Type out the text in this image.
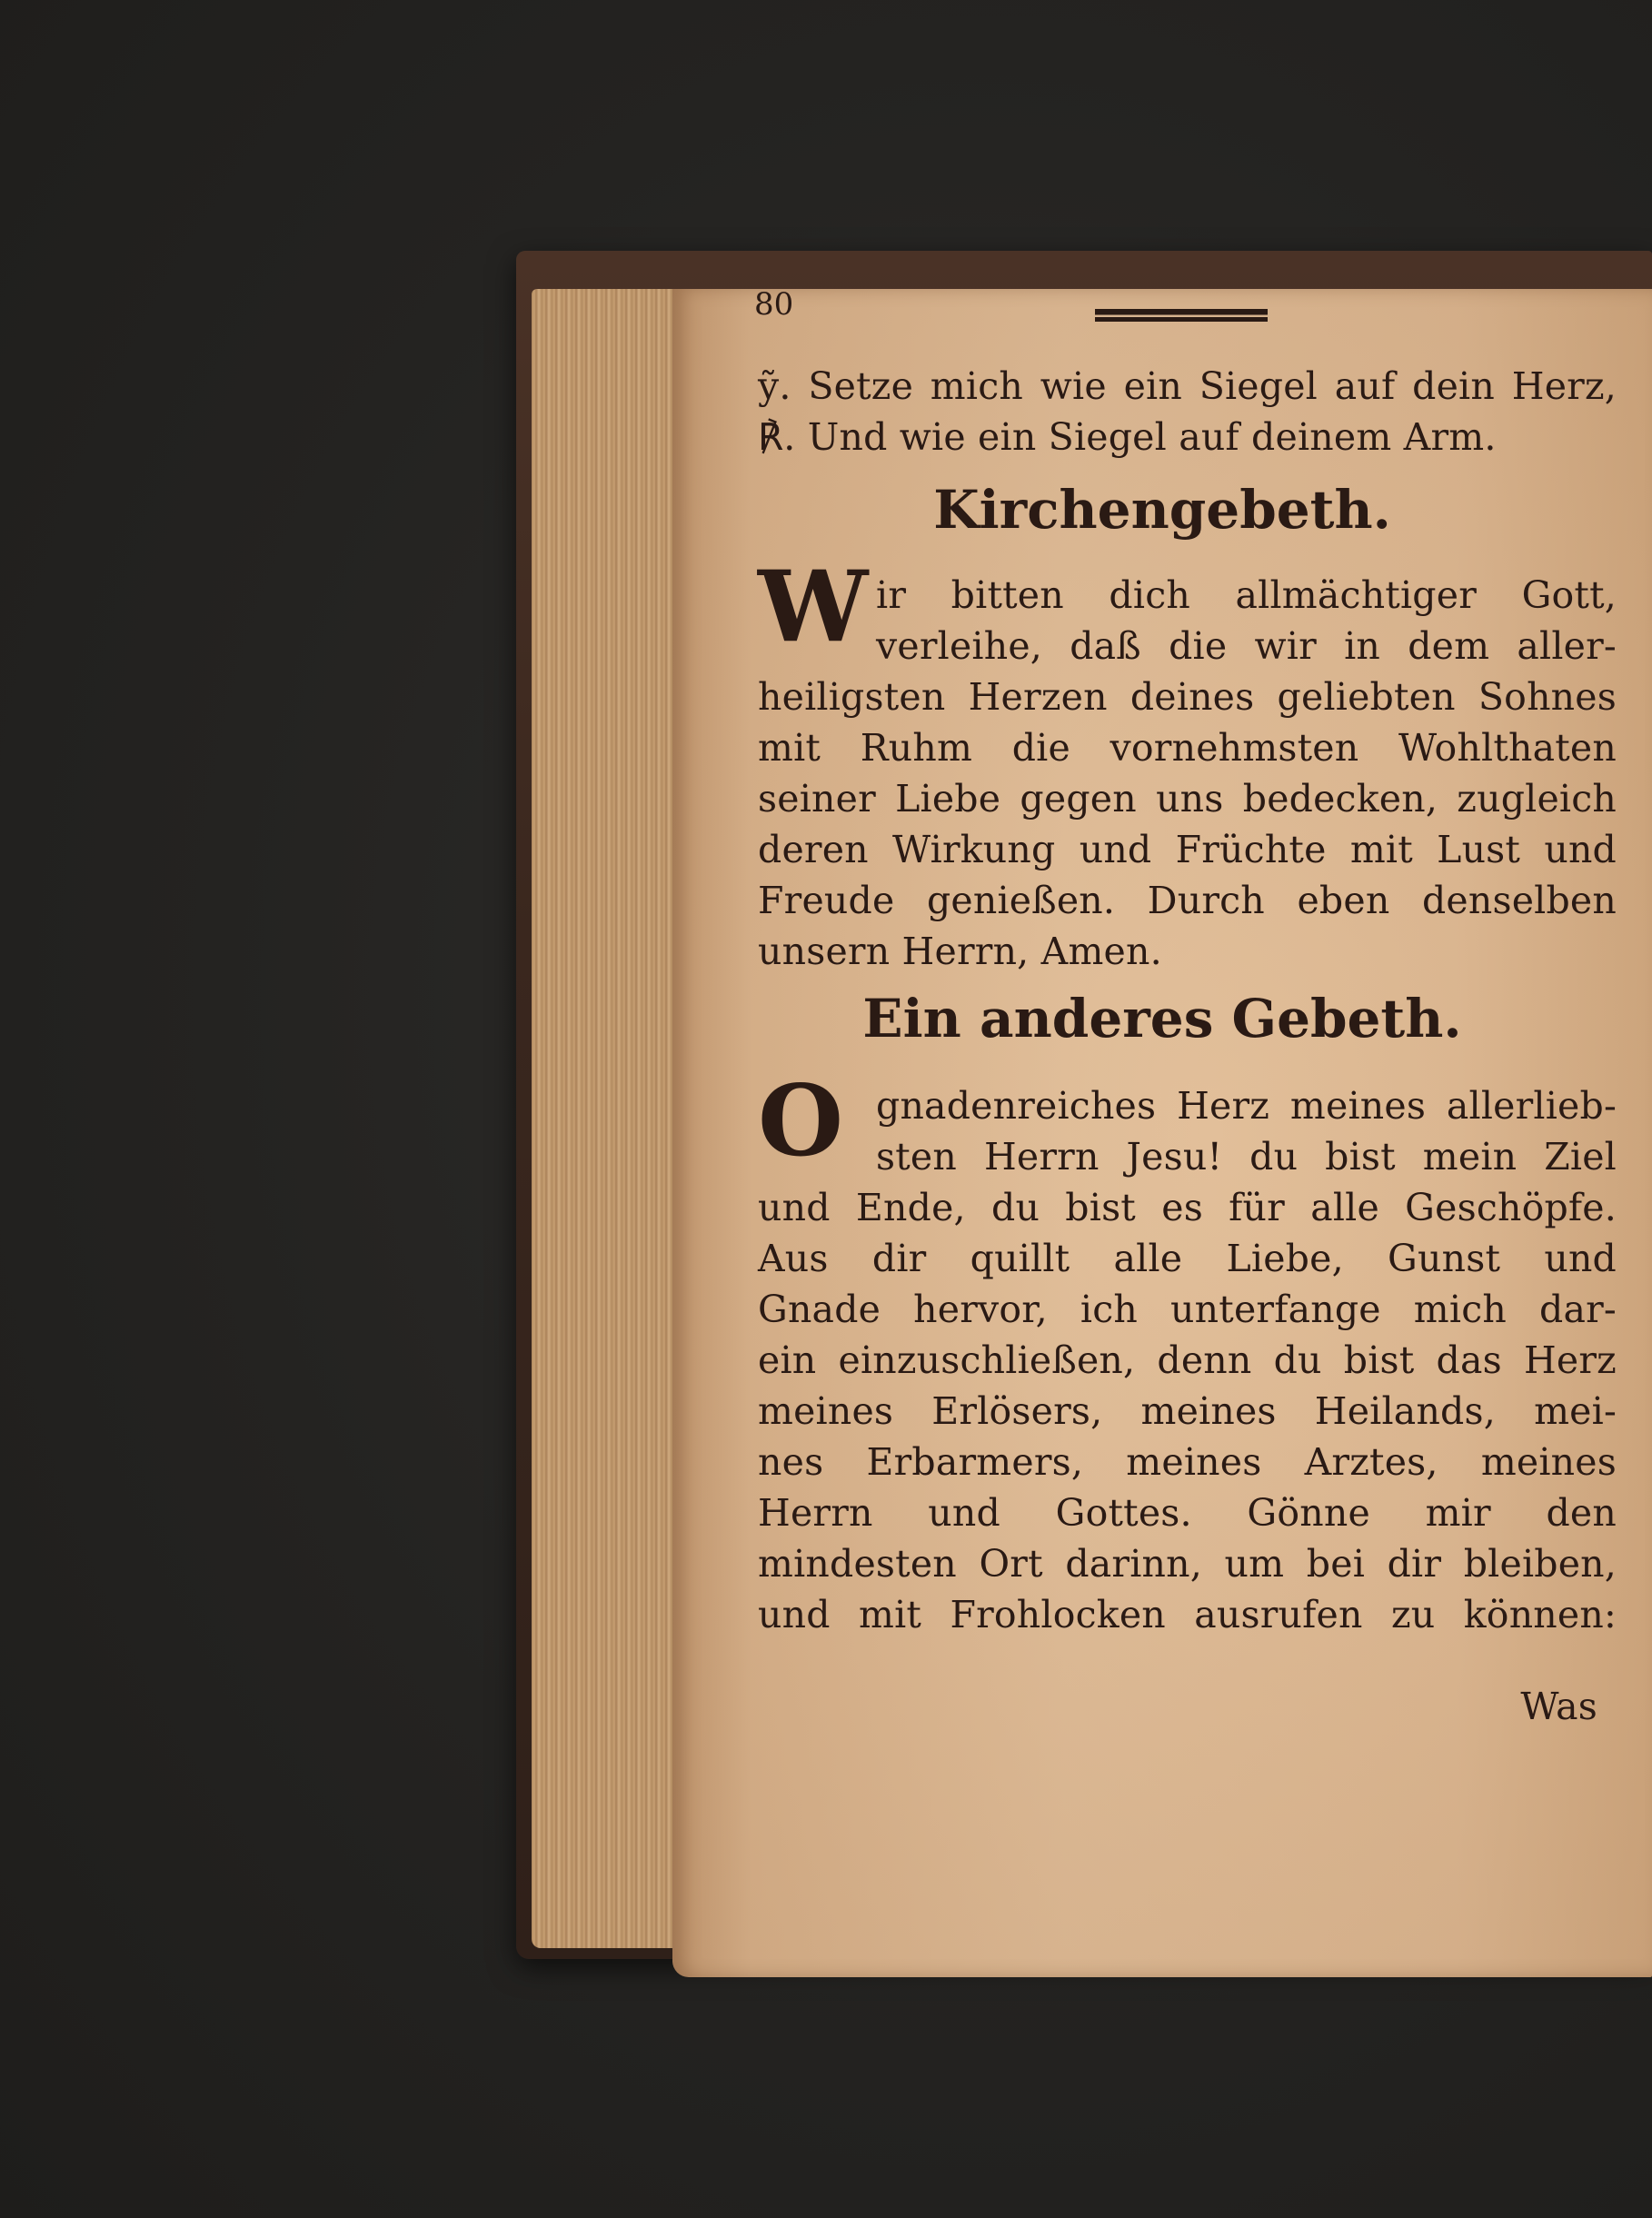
80
ỹ. Setze mich wie ein Siegel auf dein Herz,
℟. Und wie ein Siegel auf deinem Arm.
Kirchengebeth.
W ir bitten dich allmächtiger Gott,
verleihe, daß die wir in dem aller-
heiligsten Herzen deines geliebten Sohnes
mit Ruhm die vornehmsten Wohlthaten
seiner Liebe gegen uns bedecken, zugleich
deren Wirkung und Früchte mit Lust und
Freude genießen. Durch eben denselben
unsern Herrn, Amen.
Ein anderes Gebeth.
O gnadenreiches Herz meines allerlieb-
sten Herrn Jesu! du bist mein Ziel
und Ende, du bist es für alle Geschöpfe.
Aus dir quillt alle Liebe, Gunst und
Gnade hervor, ich unterfange mich dar-
ein einzuschließen, denn du bist das Herz
meines Erlösers, meines Heilands, mei-
nes Erbarmers, meines Arztes, meines
Herrn und Gottes. Gönne mir den
mindesten Ort darinn, um bei dir bleiben,
und mit Frohlocken ausrufen zu können:
Was
